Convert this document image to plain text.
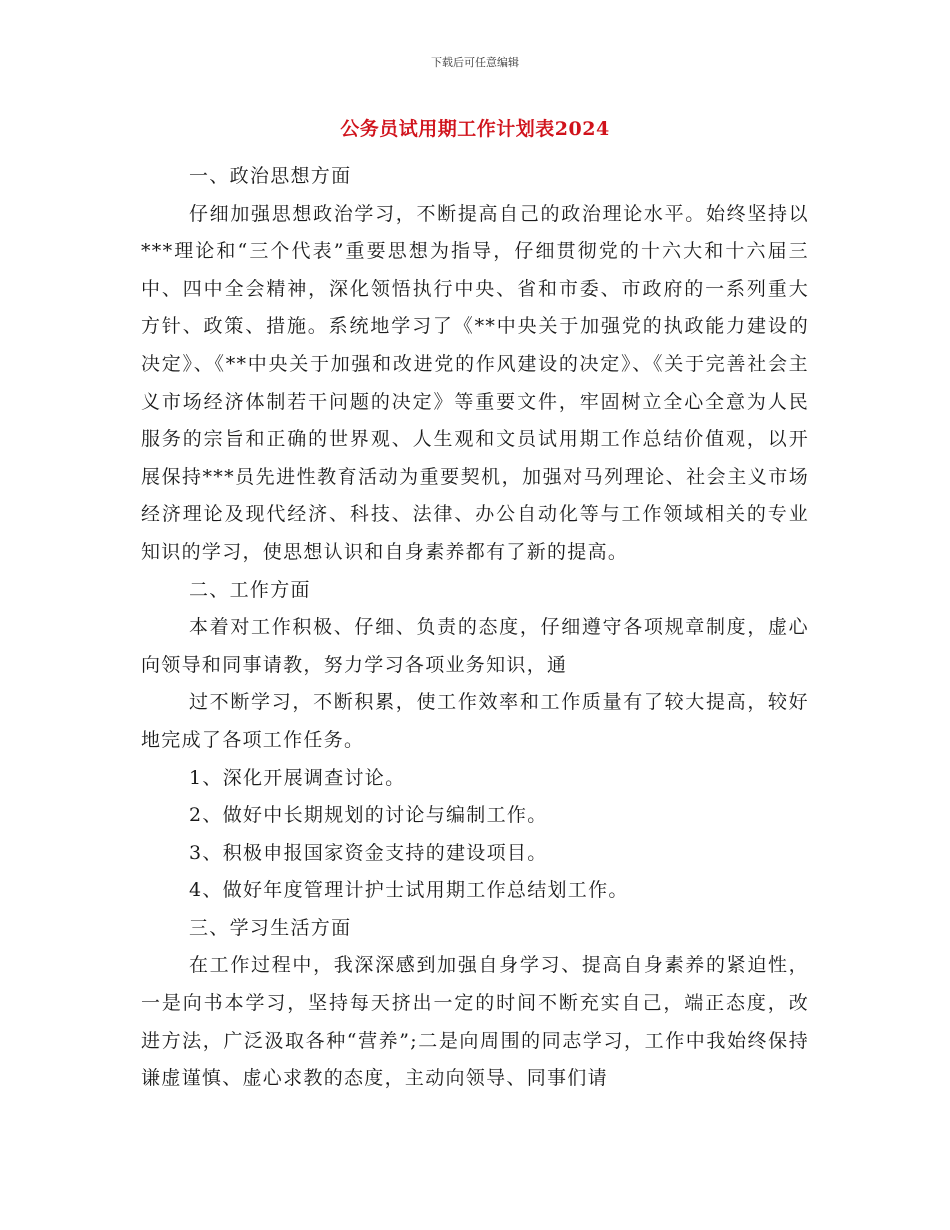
下载后可任意编辑
公务员试用期工作计划表2024

一、政治思想方面

仔细加强思想政治学习，不断提高自己的政治理论水平。始终坚持以***理论和“三个代表”重要思想为指导，仔细贯彻党的十六大和十六届三中、四中全会精神，深化领悟执行中央、省和市委、市政府的一系列重大方针、政策、措施。系统地学习了《**中央关于加强党的执政能力建设的决定》、《**中央关于加强和改进党的作风建设的决定》、《关于完善社会主义市场经济体制若干问题的决定》等重要文件，牢固树立全心全意为人民服务的宗旨和正确的世界观、人生观和文员试用期工作总结价值观，以开展保持***员先进性教育活动为重要契机，加强对马列理论、社会主义市场经济理论及现代经济、科技、法律、办公自动化等与工作领域相关的专业知识的学习，使思想认识和自身素养都有了新的提高。

二、工作方面

本着对工作积极、仔细、负责的态度，仔细遵守各项规章制度，虚心向领导和同事请教，努力学习各项业务知识，通

过不断学习，不断积累，使工作效率和工作质量有了较大提高，较好地完成了各项工作任务。

1、深化开展调查讨论。

2、做好中长期规划的讨论与编制工作。

3、积极申报国家资金支持的建设项目。

4、做好年度管理计护士试用期工作总结划工作。

三、学习生活方面

在工作过程中，我深深感到加强自身学习、提高自身素养的紧迫性，一是向书本学习，坚持每天挤出一定的时间不断充实自己，端正态度，改进方法，广泛汲取各种“营养”;二是向周围的同志学习，工作中我始终保持谦虚谨慎、虚心求教的态度，主动向领导、同事们请
